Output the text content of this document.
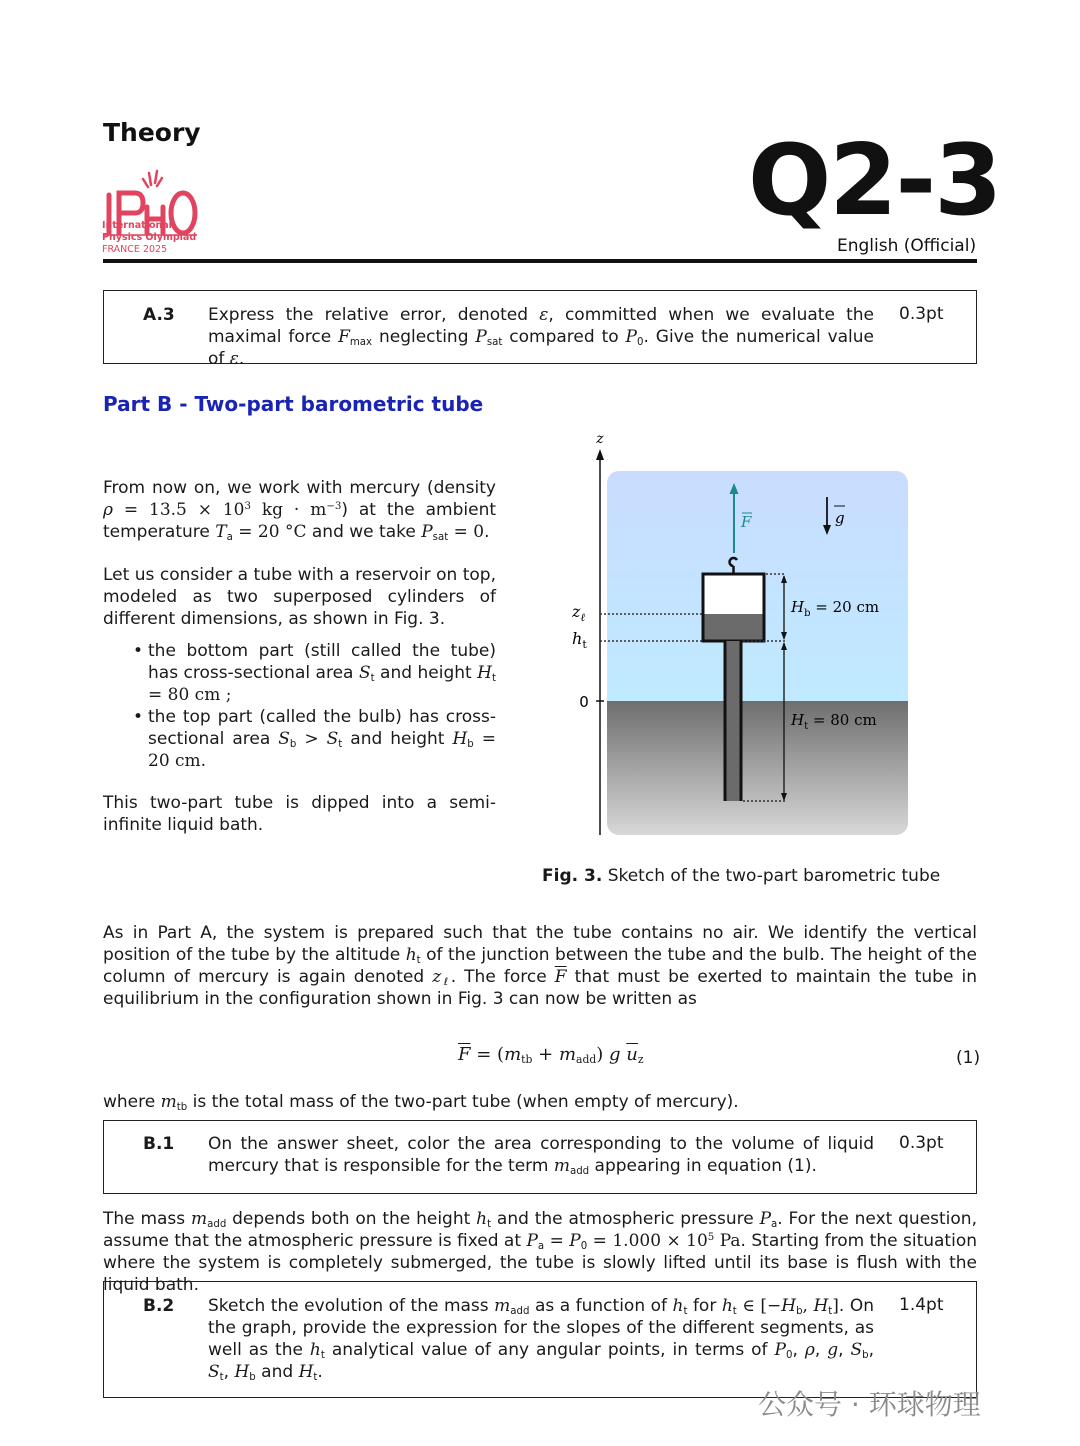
Theory
International
Physics Olympiad
FRANCE 2025
Q2-3
English (Official)
A.3 Express the relative error, denoted ε, committed when we evaluate the maximal force $F_{max}$ neglecting $P_{sat}$ compared to $P_0$. Give the numerical value of ε.
0.3pt
Part B - Two-part barometric tube
From now on, we work with mercury (density $\rho = 13.5 \times 10^3$ kg · $m^{-3}$) at the ambient temperature $T_a = 20$ °C and we take $P_{sat} = 0$.
Let us consider a tube with a reservoir on top, modeled as two superposed cylinders of different dimensions, as shown in Fig. 3.
• the bottom part (still called the tube) has cross-sectional area $S_t$ and height $H_t = 80$ cm ;
• the top part (called the bulb) has cross-sectional area $S_b > S_t$ and height $H_b = 20$ cm.
This two-part tube is dipped into a semi-infinite liquid bath.
z
0
$z_\ell$
$h_t$
F	g
$H_b = 20$ cm
$H_t = 80$ cm
Fig. 3. Sketch of the two-part barometric tube
As in Part A, the system is prepared such that the tube contains no air. We identify the vertical position of the tube by the altitude $h_t$ of the junction between the tube and the bulb. The height of the column of mercury is again denoted $z_\ell$. The force $\overline{F}$ that must be exerted to maintain the tube in equilibrium in the configuration shown in Fig. 3 can now be written as
$\overline{F} = (m_{tb} + m_{add})$ g $\overline{u}_z$	(1)
where $m_{tb}$ is the total mass of the two-part tube (when empty of mercury).
B.1 On the answer sheet, color the area corresponding to the volume of liquid mercury that is responsible for the term $m_{add}$ appearing in equation (1).
0.3pt
The mass $m_{add}$ depends both on the height $h_t$ and the atmospheric pressure $P_a$. For the next question, assume that the atmospheric pressure is fixed at $P_a = P_0 = 1.000 \times 10^5$ Pa. Starting from the situation where the system is completely submerged, the tube is slowly lifted until its base is flush with the liquid bath.
B.2 Sketch the evolution of the mass $m_{add}$ as a function of $h_t$ for $h_t$ ∈ [$-H_b$, $H_t$]. On the graph, provide the expression for the slopes of the different segments, as well as the $h_t$ analytical value of any angular points, in terms of $P_0$, ρ, g, $S_b$, $S_t$, $H_b$ and $H_t$.
1.4pt
公众号 · 环球物理
